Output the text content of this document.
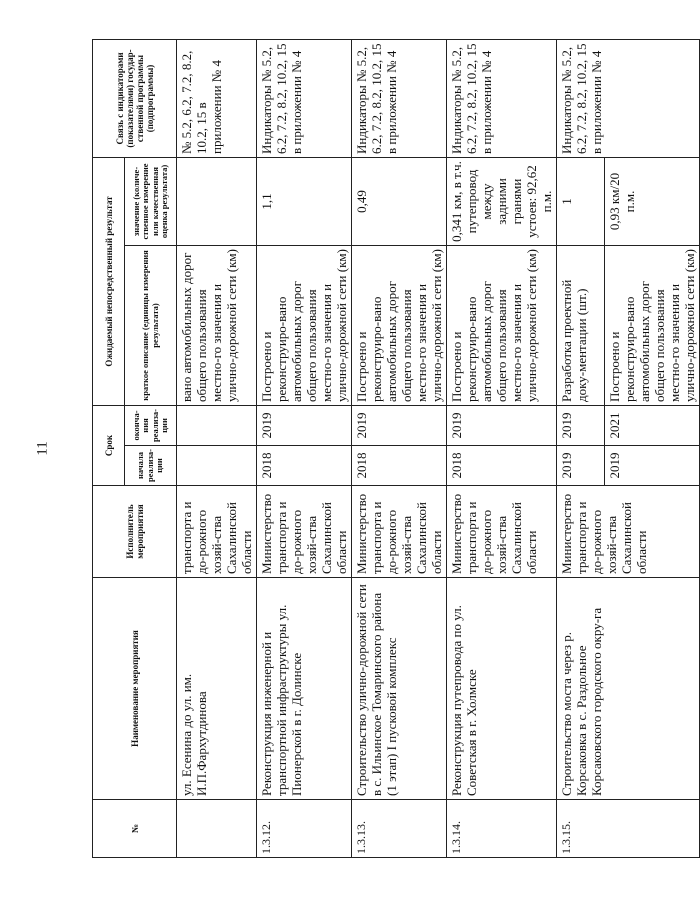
11
№	Наименование мероприятия	Исполнитель мероприятия	Срок		Ожидаемый непосредственный результат		Связь с индикаторами (показателями) государ-ственной программы (подпрограммы)
			начала реализа-ции	оконча-ния реализа-ции	краткое описание (единицы измерения результата)	значение (количе-ственное измерение или качественная оценка результата)	
	ул. Есенина до ул. им. И.П.Фархутдинова	транспорта и до-рожного хозяй-ства Сахалинской области			вано автомобильных дорог общего пользования местно-го значения и улично-дорожной сети (км)		№ 5.2, 6.2, 7.2, 8.2, 10.2, 15 в приложении № 4
1.3.12.	Реконструкция инженерной и транспортной инфраструктуры ул. Пионерской в г. Долинске	Министерство транспорта и до-рожного хозяй-ства Сахалинской области	2018	2019	Построено и реконструиро-вано автомобильных дорог общего пользования местно-го значения и улично-дорожной сети (км)	1,1	Индикаторы № 5.2, 6.2, 7.2, 8.2, 10.2, 15 в приложении № 4
1.3.13.	Строительство улично-дорожной сети в с. Ильинское Томаринского района (1 этап) I пусковой комплекс	Министерство транспорта и до-рожного хозяй-ства Сахалинской области	2018	2019	Построено и реконструиро-вано автомобильных дорог общего пользования местно-го значения и улично-дорожной сети (км)	0,49	Индикаторы № 5.2, 6.2, 7.2, 8.2, 10.2, 15 в приложении № 4
1.3.14.	Реконструкция путепровода по ул. Советская в г. Холмске	Министерство транспорта и до-рожного хозяй-ства Сахалинской области	2018	2019	Построено и реконструиро-вано автомобильных дорог общего пользования местно-го значения и улично-дорожной сети (км)	0,341 км, в т.ч. путепровод между задними гранями устоев: 92,62 п.м.	Индикаторы № 5.2, 6.2, 7.2, 8.2, 10.2, 15 в приложении № 4
1.3.15.	Строительство моста через р. Корсаковка в с. Раздольное Корсаковского городского окру-га	Министерство транспорта и до-рожного хозяй-ства Сахалинской области	2019	2019	Разработка проектной доку-ментации (шт.)	1	Индикаторы № 5.2, 6.2, 7.2, 8.2, 10.2, 15 в приложении № 4
			2019	2021	Построено и реконструиро-вано автомобильных дорог общего пользования местно-го значения и улично-дорожной сети (км)	0,93 км/20 п.м.	
